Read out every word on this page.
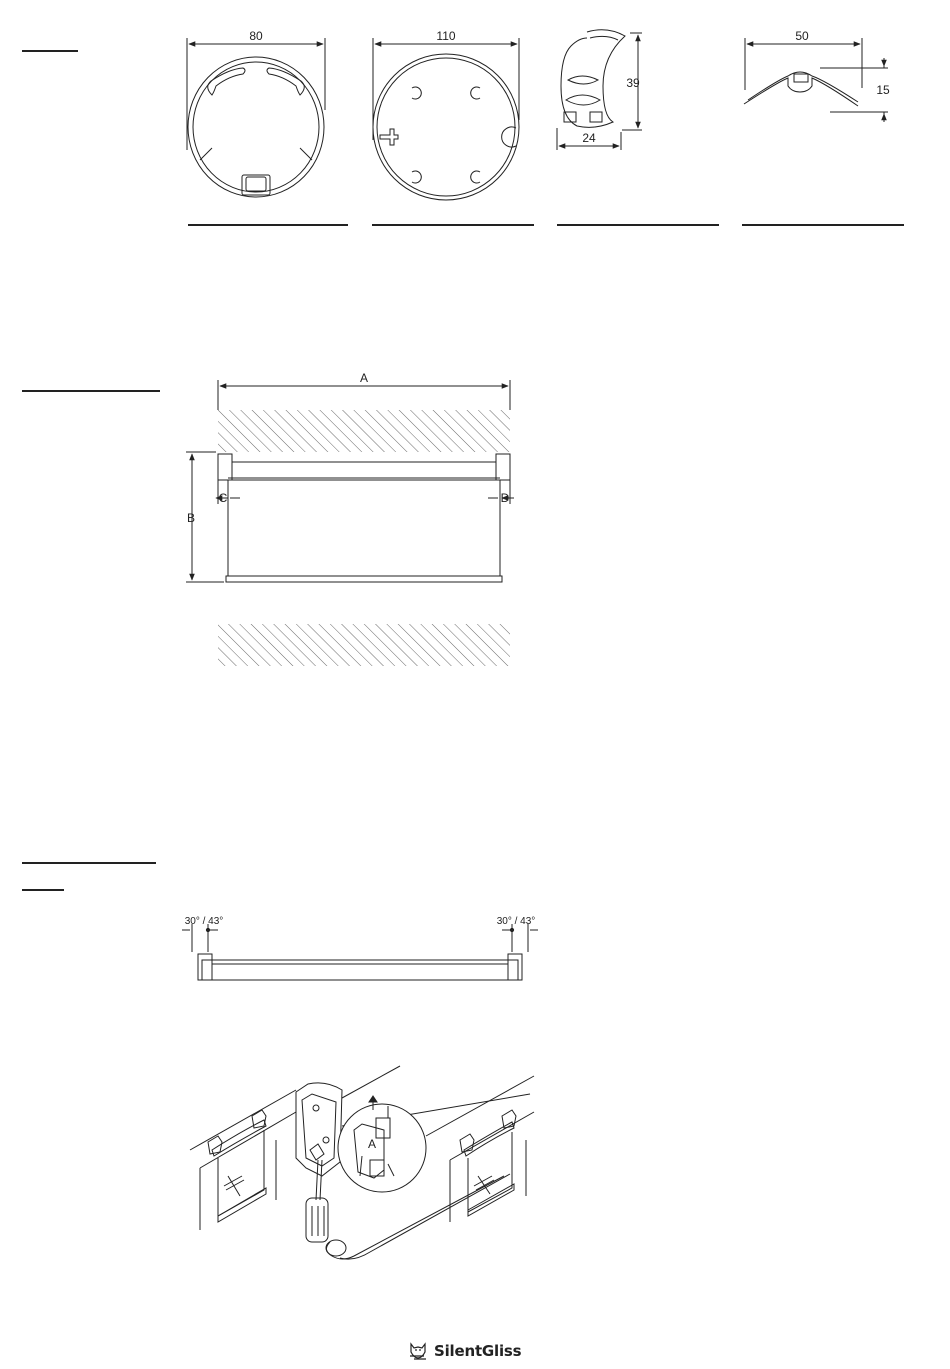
80	110
39
24
50
15
A
B
C	D
30° / 43°	30° / 43°
A
SilentGliss
